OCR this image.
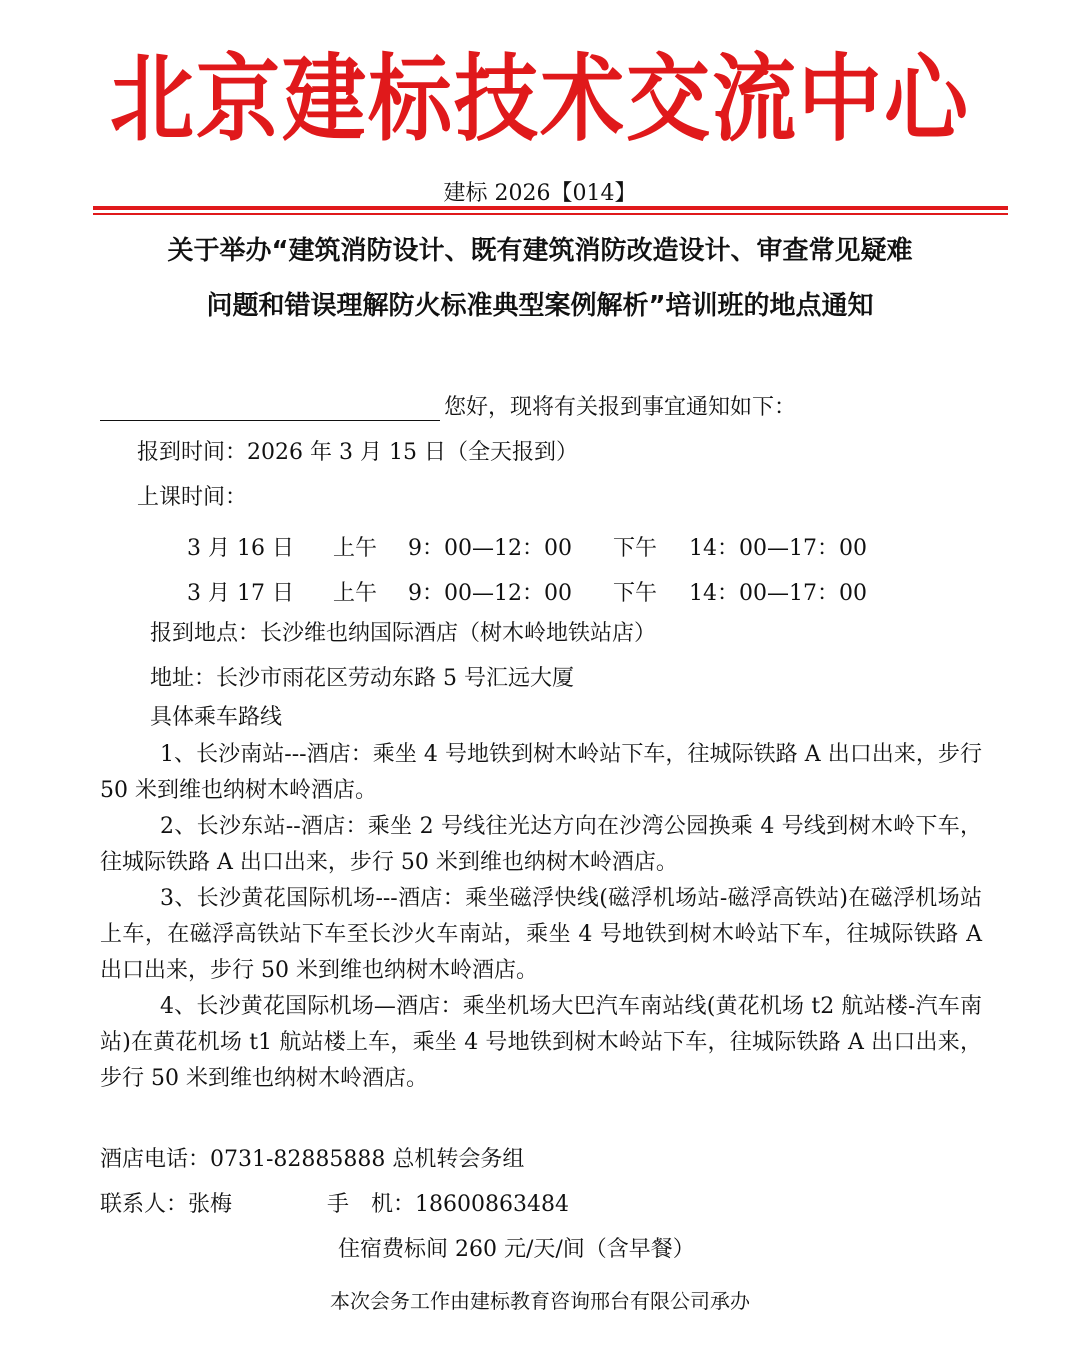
北京建标技术交流中心
建标 2026【014】
关于举办“建筑消防设计、既有建筑消防改造设计、审查常见疑难
问题和错误理解防火标准典型案例解析”培训班的地点通知
您好，现将有关报到事宜通知如下：
报到时间：2026 年 3 月 15 日（全天报到）
上课时间：
3 月 16 日 上午 9：00—12：00 下午 14：00—17：00
3 月 17 日 上午 9：00—12：00 下午 14：00—17：00
报到地点：长沙维也纳国际酒店（树木岭地铁站店）
地址：长沙市雨花区劳动东路 5 号汇远大厦
具体乘车路线
1、长沙南站---酒店：乘坐 4 号地铁到树木岭站下车，往城际铁路 A 出口出来，步行 50 米到维也纳树木岭酒店。
2、长沙东站--酒店：乘坐 2 号线往光达方向在沙湾公园换乘 4 号线到树木岭下车，往城际铁路 A 出口出来，步行 50 米到维也纳树木岭酒店。
3、长沙黄花国际机场---酒店：乘坐磁浮快线(磁浮机场站-磁浮高铁站)在磁浮机场站上车，在磁浮高铁站下车至长沙火车南站，乘坐 4 号地铁到树木岭站下车，往城际铁路 A 出口出来，步行 50 米到维也纳树木岭酒店。
4、长沙黄花国际机场—酒店：乘坐机场大巴汽车南站线(黄花机场 t2 航站楼-汽车南站)在黄花机场 t1 航站楼上车，乘坐 4 号地铁到树木岭站下车，往城际铁路 A 出口出来，步行 50 米到维也纳树木岭酒店。
酒店电话：0731-82885888 总机转会务组
联系人：张梅	手　机：18600863484
住宿费标间 260 元/天/间（含早餐）
本次会务工作由建标教育咨询邢台有限公司承办
